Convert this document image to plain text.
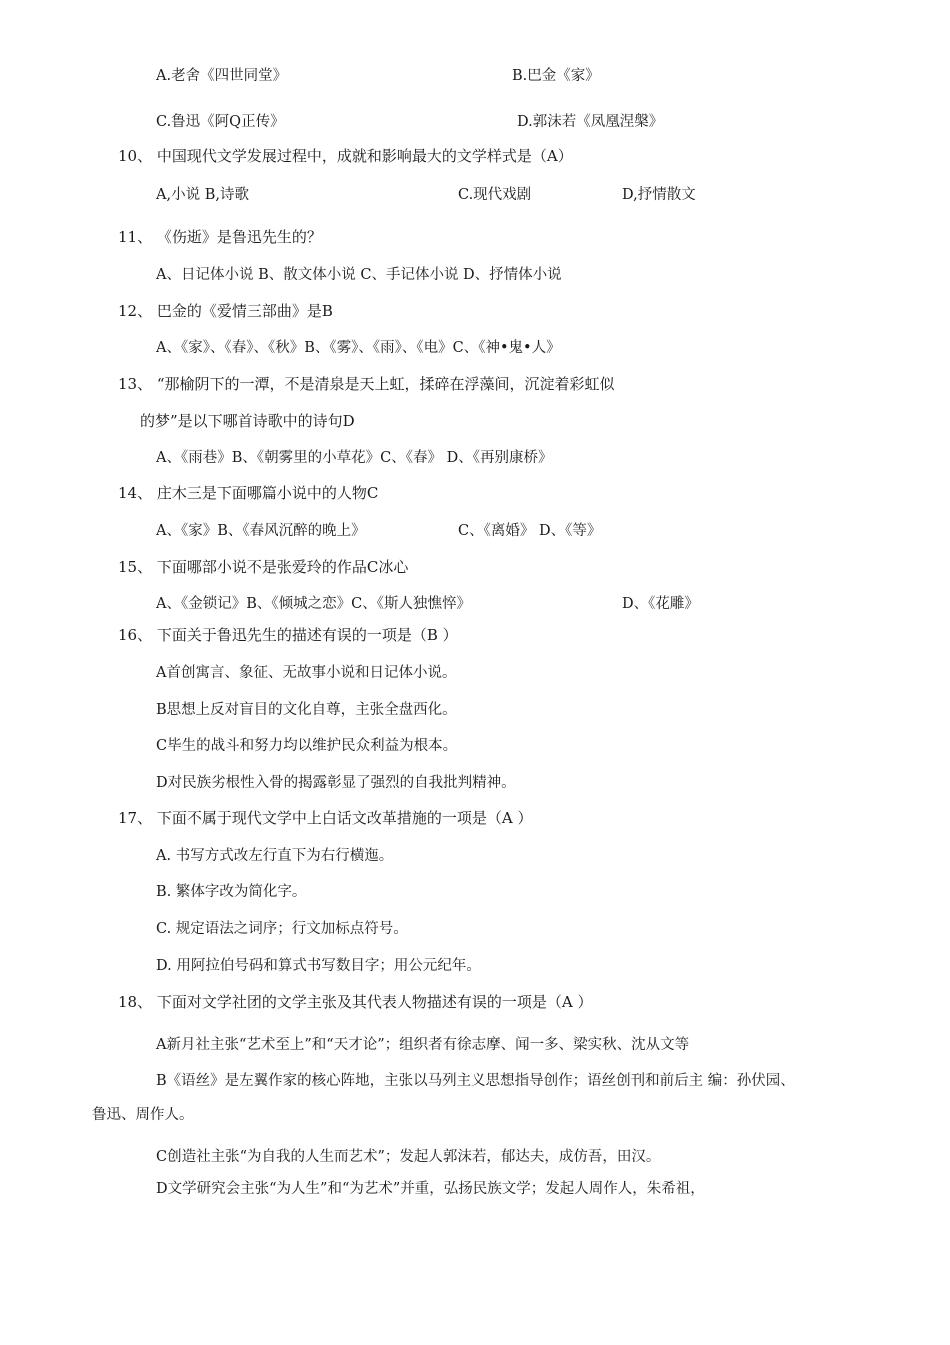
A.老舍《四世同堂》	B.巴金《家》
C.鲁迅《阿Q正传》	D.郭沫若《凤凰涅槃》
10、 中国现代文学发展过程中，成就和影响最大的文学样式是（A）
A,小说 B,诗歌	C.现代戏剧	D,抒情散文
11、 《伤逝》是鲁迅先生的？
A、日记体小说 B、散文体小说 C、手记体小说 D、抒情体小说
12、 巴金的《爱情三部曲》是B
A、《家》、《春》、《秋》B、《雾》、《雨》、《电》C、《神•鬼•人》
13、 “那榆阴下的一潭，不是清泉是天上虹，揉碎在浮藻间，沉淀着彩虹似
的梦”是以下哪首诗歌中的诗句D
A、《雨巷》B、《朝雾里的小草花》C、《春》 D、《再别康桥》
14、 庄木三是下面哪篇小说中的人物C
A、《家》B、《春风沉醉的晚上》	C、《离婚》 D、《等》
15、 下面哪部小说不是张爱玲的作品C冰心
A、《金锁记》B、《倾城之恋》C、《斯人独憔悴》	D、《花雕》
16、 下面关于鲁迅先生的描述有误的一项是（B ）
A首创寓言、象征、无故事小说和日记体小说。
B思想上反对盲目的文化自尊，主张全盘西化。
C毕生的战斗和努力均以维护民众利益为根本。
D对民族劣根性入骨的揭露彰显了强烈的自我批判精神。
17、 下面不属于现代文学中上白话文改革措施的一项是（A ）
A. 书写方式改左行直下为右行横迤。
B. 繁体字改为简化字。
C. 规定语法之词序；行文加标点符号。
D. 用阿拉伯号码和算式书写数目字；用公元纪年。
18、 下面对文学社团的文学主张及其代表人物描述有误的一项是（A ）
A新月社主张“艺术至上”和“天才论”；组织者有徐志摩、闻一多、梁实秋、沈从文等
B《语丝》是左翼作家的核心阵地，主张以马列主义思想指导创作；语丝创刊和前后主 编：孙伏园、
鲁迅、周作人。
C创造社主张“为自我的人生而艺术”；发起人郭沫若，郁达夫，成仿吾，田汉。
D文学研究会主张“为人生”和“为艺术”并重，弘扬民族文学；发起人周作人，朱希祖，
